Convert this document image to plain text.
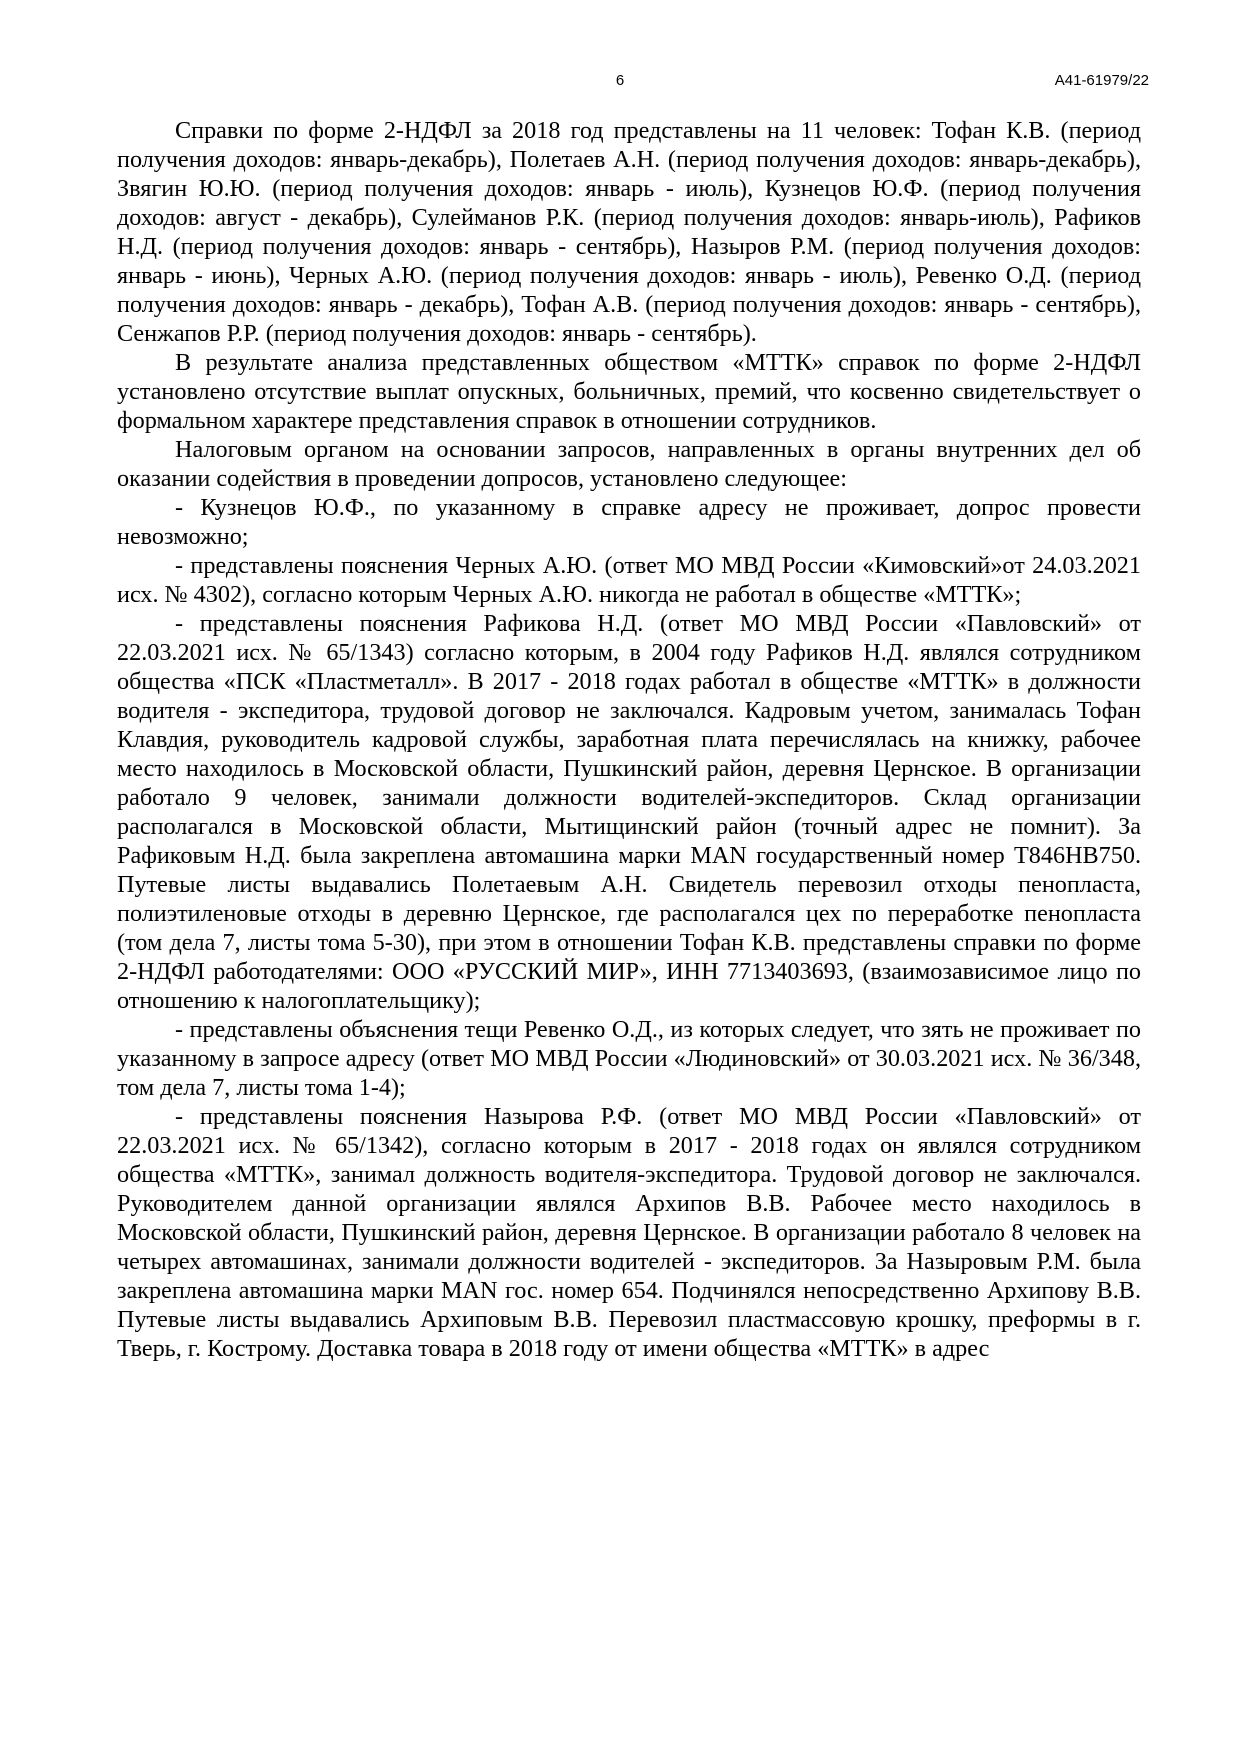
6	А41-61979/22

Справки по форме 2-НДФЛ за 2018 год представлены на 11 человек: Тофан К.В. (период получения доходов: январь-декабрь), Полетаев А.Н. (период получения доходов: январь-декабрь), Звягин Ю.Ю. (период получения доходов: январь - июль), Кузнецов Ю.Ф. (период получения доходов: август - декабрь), Сулейманов Р.К. (период получения доходов: январь-июль), Рафиков Н.Д. (период получения доходов: январь - сентябрь), Назыров Р.М. (период получения доходов: январь - июнь), Черных А.Ю. (период получения доходов: январь - июль), Ревенко О.Д. (период получения доходов: январь - декабрь), Тофан А.В. (период получения доходов: январь - сентябрь), Сенжапов Р.Р. (период получения доходов: январь - сентябрь).

В результате анализа представленных обществом «МТТК» справок по форме 2-НДФЛ установлено отсутствие выплат опускных, больничных, премий, что косвенно свидетельствует о формальном характере представления справок в отношении сотрудников.

Налоговым органом на основании запросов, направленных в органы внутренних дел об оказании содействия в проведении допросов, установлено следующее:

- Кузнецов Ю.Ф., по указанному в справке адресу не проживает, допрос провести невозможно;

- представлены пояснения Черных А.Ю. (ответ МО МВД России «Кимовский»от 24.03.2021 исх. № 4302), согласно которым Черных А.Ю. никогда не работал в обществе «МТТК»;

- представлены пояснения Рафикова Н.Д. (ответ МО МВД России «Павловский» от 22.03.2021 исх. № 65/1343) согласно которым, в 2004 году Рафиков Н.Д. являлся сотрудником общества «ПСК «Пластметалл». В 2017 - 2018 годах работал в обществе «МТТК» в должности водителя - экспедитора, трудовой договор не заключался. Кадровым учетом, занималась Тофан Клавдия, руководитель кадровой службы, заработная плата перечислялась на книжку, рабочее место находилось в Московской области, Пушкинский район, деревня Цернское. В организации работало 9 человек, занимали должности водителей-экспедиторов. Склад организации располагался в Московской области, Мытищинский район (точный адрес не помнит). За Рафиковым Н.Д. была закреплена автомашина марки MAN государственный номер Т846НВ750. Путевые листы выдавались Полетаевым А.Н. Свидетель перевозил отходы пенопласта, полиэтиленовые отходы в деревню Цернское, где располагался цех по переработке пенопласта (том дела 7, листы тома 5-30), при этом в отношении Тофан К.В. представлены справки по форме 2-НДФЛ работодателями: ООО «РУССКИЙ МИР», ИНН 7713403693, (взаимозависимое лицо по отношению к налогоплательщику);

- представлены объяснения тещи Ревенко О.Д., из которых следует, что зять не проживает по указанному в запросе адресу (ответ МО МВД России «Людиновский» от 30.03.2021 исх. № 36/348, том дела 7, листы тома 1-4);

- представлены пояснения Назырова Р.Ф. (ответ МО МВД России «Павловский» от 22.03.2021 исх. № 65/1342), согласно которым в 2017 - 2018 годах он являлся сотрудником общества «МТТК», занимал должность водителя-экспедитора. Трудовой договор не заключался. Руководителем данной организации являлся Архипов В.В. Рабочее место находилось в Московской области, Пушкинский район, деревня Цернское. В организации работало 8 человек на четырех автомашинах, занимали должности водителей - экспедиторов. За Назыровым Р.М. была закреплена автомашина марки MAN гос. номер 654. Подчинялся непосредственно Архипову В.В. Путевые листы выдавались Архиповым В.В. Перевозил пластмассовую крошку, преформы в г. Тверь, г. Кострому. Доставка товара в 2018 году от имени общества «МТТК» в адрес
